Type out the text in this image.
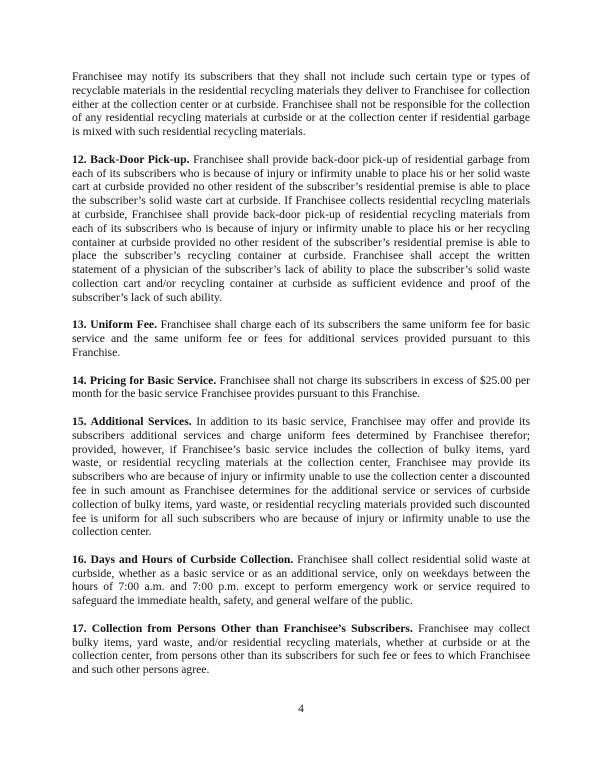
Franchisee may notify its subscribers that they shall not include such certain type or types of recyclable materials in the residential recycling materials they deliver to Franchisee for collection either at the collection center or at curbside. Franchisee shall not be responsible for the collection of any residential recycling materials at curbside or at the collection center if residential garbage is mixed with such residential recycling materials.

12. Back-Door Pick-up. Franchisee shall provide back-door pick-up of residential garbage from each of its subscribers who is because of injury or infirmity unable to place his or her solid waste cart at curbside provided no other resident of the subscriber’s residential premise is able to place the subscriber’s solid waste cart at curbside. If Franchisee collects residential recycling materials at curbside, Franchisee shall provide back-door pick-up of residential recycling materials from each of its subscribers who is because of injury or infirmity unable to place his or her recycling container at curbside provided no other resident of the subscriber’s residential premise is able to place the subscriber’s recycling container at curbside. Franchisee shall accept the written statement of a physician of the subscriber’s lack of ability to place the subscriber’s solid waste collection cart and/or recycling container at curbside as sufficient evidence and proof of the subscriber’s lack of such ability.

13. Uniform Fee. Franchisee shall charge each of its subscribers the same uniform fee for basic service and the same uniform fee or fees for additional services provided pursuant to this Franchise.

14. Pricing for Basic Service. Franchisee shall not charge its subscribers in excess of $25.00 per month for the basic service Franchisee provides pursuant to this Franchise.

15. Additional Services. In addition to its basic service, Franchisee may offer and provide its subscribers additional services and charge uniform fees determined by Franchisee therefor; provided, however, if Franchisee’s basic service includes the collection of bulky items, yard waste, or residential recycling materials at the collection center, Franchisee may provide its subscribers who are because of injury or infirmity unable to use the collection center a discounted fee in such amount as Franchisee determines for the additional service or services of curbside collection of bulky items, yard waste, or residential recycling materials provided such discounted fee is uniform for all such subscribers who are because of injury or infirmity unable to use the collection center.

16. Days and Hours of Curbside Collection. Franchisee shall collect residential solid waste at curbside, whether as a basic service or as an additional service, only on weekdays between the hours of 7:00 a.m. and 7:00 p.m. except to perform emergency work or service required to safeguard the immediate health, safety, and general welfare of the public.

17. Collection from Persons Other than Franchisee’s Subscribers. Franchisee may collect bulky items, yard waste, and/or residential recycling materials, whether at curbside or at the collection center, from persons other than its subscribers for such fee or fees to which Franchisee and such other persons agree.

4
